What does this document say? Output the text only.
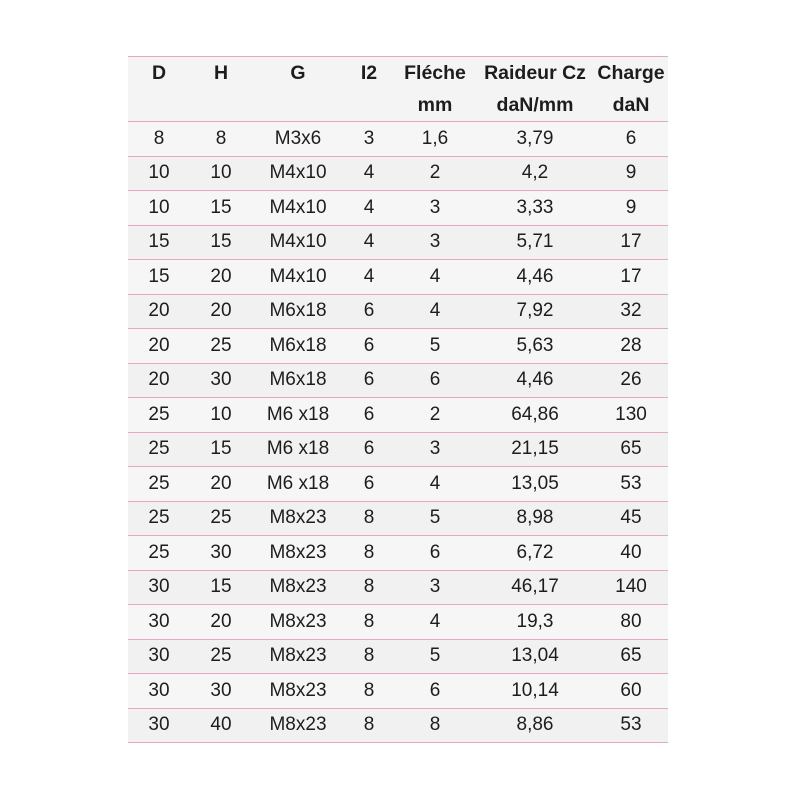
D	H	G	I2	Fléche	Raideur Cz	Charge
				mm	daN/mm	daN
8	8	M3x6	3	1,6	3,79	6
10	10	M4x10	4	2	4,2	9
10	15	M4x10	4	3	3,33	9
15	15	M4x10	4	3	5,71	17
15	20	M4x10	4	4	4,46	17
20	20	M6x18	6	4	7,92	32
20	25	M6x18	6	5	5,63	28
20	30	M6x18	6	6	4,46	26
25	10	M6 x18	6	2	64,86	130
25	15	M6 x18	6	3	21,15	65
25	20	M6 x18	6	4	13,05	53
25	25	M8x23	8	5	8,98	45
25	30	M8x23	8	6	6,72	40
30	15	M8x23	8	3	46,17	140
30	20	M8x23	8	4	19,3	80
30	25	M8x23	8	5	13,04	65
30	30	M8x23	8	6	10,14	60
30	40	M8x23	8	8	8,86	53
